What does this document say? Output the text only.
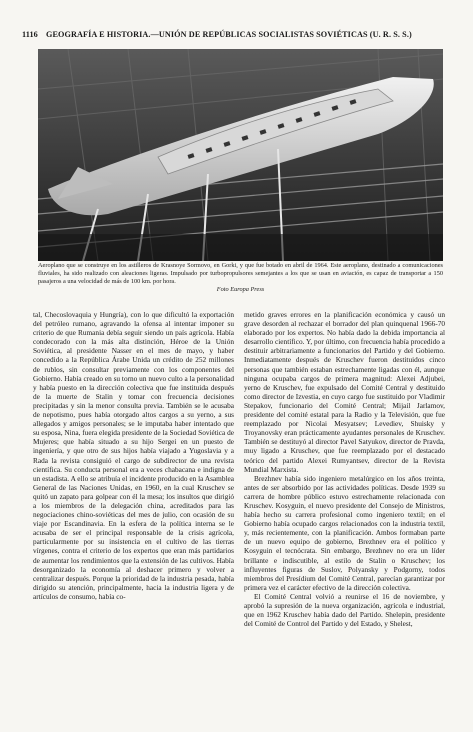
1116 GEOGRAFÍA E HISTORIA.—UNIÓN DE REPÚBLICAS SOCIALISTAS SOVIÉTICAS (U. R. S. S.)
Aeroplano que se construye en los astilleros de Krasnoye Sormovo, en Gorki, y que fue botado en abril de 1964. Este aeroplano, destinado a comunicaciones fluviales, ha sido realizado con aleaciones ligeras. Impulsado por turbopropulsores semejantes a los que se usan en aviación, es capaz de transportar a 150 pasajeros a una velocidad de más de 100 km. por hora.
Foto Europa Press

tal, Checoslovaquia y Hungría), con lo que dificultó la exportación del petróleo rumano, agravando la ofensa al intentar imponer su criterio de que Rumania debía seguir siendo un país agrícola. Había condecorado con la más alta distinción, Héroe de la Unión Soviética, al presidente Nasser en el mes de mayo, y haber concedido a la República Árabe Unida un crédito de 252 millones de rublos, sin consultar previamente con los componentes del Gobierno. Había creado en su torno un nuevo culto a la personalidad y había puesto en la dirección colectiva que fue instituida después de la muerte de Stalin y tomar con frecuencia decisiones precipitadas y sin la menor consulta previa. También se le acusaba de nepotismo, pues había otorgado altos cargos a su yerno, a sus allegados y amigos personales; se le imputaba haber intentado que su esposa, Nina, fuera elegida presidente de la Sociedad Soviética de Mujeres; que había situado a su hijo Sergei en un puesto de ingeniería, y que otro de sus hijos había viajado a Yugoslavia y a Rada la revista consiguió el cargo de subdirector de una revista científica. Su conducta personal era a veces chabacana e indigna de un estadista. A ello se atribuía el incidente producido en la Asamblea General de las Naciones Unidas, en 1960, en la cual Kruschev se quitó un zapato para golpear con él la mesa; los insultos que dirigió a los miembros de la delegación china, acreditados para las negociaciones chino-soviéticas del mes de julio, con ocasión de su viaje por Escandinavia. En la esfera de la política interna se le acusaba de ser el principal responsable de la crisis agrícola, particularmente por su insistencia en el cultivo de las tierras vírgenes, contra el criterio de los expertos que eran más partidarios de aumentar los rendimientos que la extensión de las cultivos. Había desorganizado la economía al deshacer primero y volver a centralizar después. Porque la prioridad de la industria pesada, había dirigido su atención, principalmente, hacia la industria ligera y de artículos de consumo, había co-

metido graves errores en la planificación económica y causó un grave desorden al rechazar el borrador del plan quinquenal 1966-70 elaborado por los expertos. No había dado la debida importancia al desarrollo científico. Y, por último, con frecuencia había procedido a destituir arbitrariamente a funcionarios del Partido y del Gobierno. Inmediatamente después de Kruschev fueron destituidos cinco personas que también estaban estrechamente ligadas con él, aunque ninguna ocupaba cargos de primera magnitud: Alexei Adjubei, yerno de Kruschev, fue expulsado del Comité Central y destituido como director de Izvestia, en cuyo cargo fue sustituido por Vladimir Stepakov, funcionario del Comité Central; Mijail Jarlamov, presidente del comité estatal para la Radio y la Televisión, que fue reemplazado por Nicolai Mesyatsev; Levediev, Shuisky y Troyanovsky eran prácticamente ayudantes personales de Kruschev. También se destituyó al director Pavel Satyukov, director de Pravda, muy ligado a Kruschev, que fue reemplazado por el destacado teórico del partido Alexei Rumyantsev, director de la Revista Mundial Marxista.

Brezhnev había sido ingeniero metalúrgico en los años treinta, antes de ser absorbido por las actividades políticas. Desde 1939 su carrera de hombre público estuvo estrechamente relacionada con Kruschev. Kosyguin, el nuevo presidente del Consejo de Ministros, había hecho su carrera profesional como ingeniero textil; en el Gobierno había ocupado cargos relacionados con la industria textil, y, más recientemente, con la planificación. Ambos formaban parte de un nuevo equipo de gobierno, Brezhnev era el político y Kosyguin el tecnócrata. Sin embargo, Brezhnev no era un líder brillante e indiscutible, al estilo de Stalin o Kruschev; los influyentes figuras de Suslov, Polyansky y Podgorny, todos miembros del Presídium del Comité Central, parecían garantizar por primera vez el carácter efectivo de la dirección colectiva.

El Comité Central volvió a reunirse el 16 de noviembre, y aprobó la supresión de la nueva organización, agrícola e industrial, que en 1962 Kruschev había dado del Partido. Shelepin, presidente del Comité de Control del Partido y del Estado, y Shelest,
